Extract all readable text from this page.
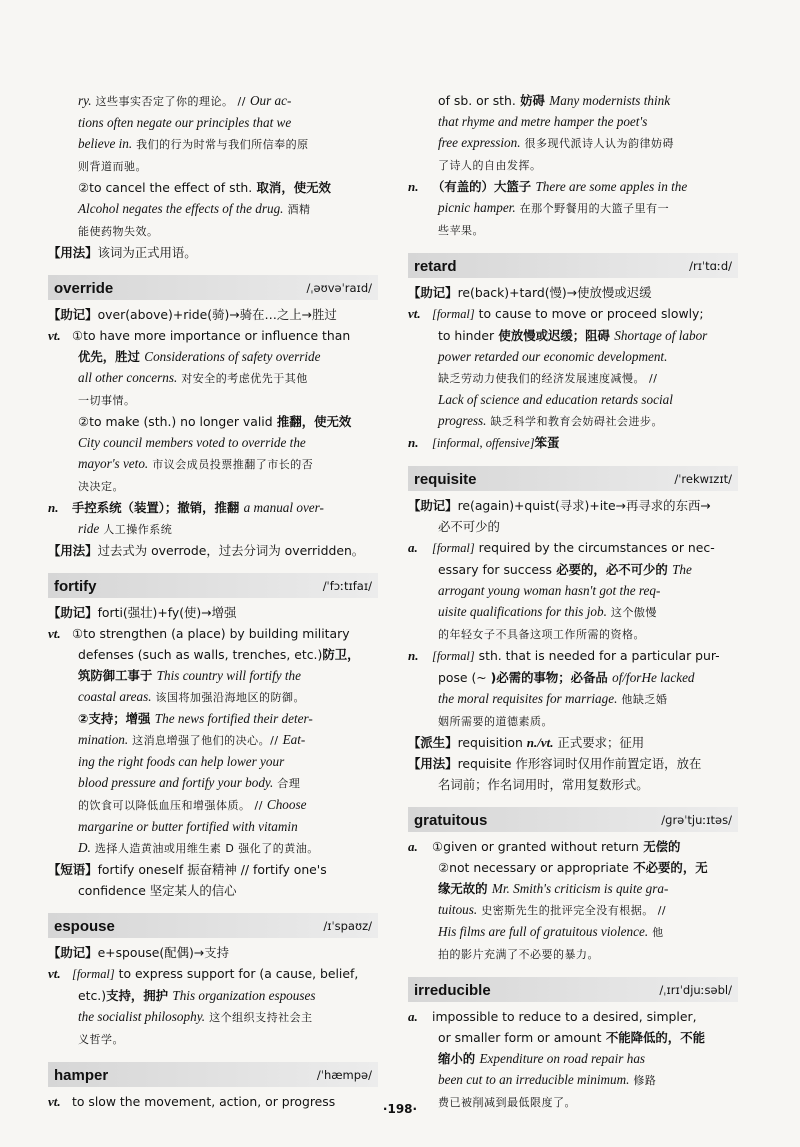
ry. 这些事实否定了你的理论。 // Our ac-
tions often negate our principles that we
believe in. 我们的行为时常与我们所信奉的原
则背道而驰。
②to cancel the effect of sth. 取消，使无效
Alcohol negates the effects of the drug. 酒精
能使药物失效。
【用法】该词为正式用语。
override	/ˌəʊvəˈraɪd/
【助记】over(above)+ride(骑)→骑在…之上→胜过
vt. ①to have more importance or influence than
优先，胜过 Considerations of safety override
all other concerns. 对安全的考虑优先于其他
一切事情。
②to make (sth.) no longer valid 推翻，使无效
City council members voted to override the
mayor's veto. 市议会成员投票推翻了市长的否
决决定。
n. 手控系统（装置）；撤销，推翻 a manual over-
ride 人工操作系统
【用法】过去式为 overrode，过去分词为 overridden。
fortify	/ˈfɔːtɪfaɪ/
【助记】forti(强壮)+fy(使)→增强
vt. ①to strengthen (a place) by building military
defenses (such as walls, trenches, etc.)防卫，
筑防御工事于 This country will fortify the
coastal areas. 该国将加强沿海地区的防御。
②支持；增强 The news fortified their deter-
mination. 这消息增强了他们的决心。// Eat-
ing the right foods can help lower your
blood pressure and fortify your body. 合理
的饮食可以降低血压和增强体质。 // Choose
margarine or butter fortified with vitamin
D. 选择人造黄油或用维生素 D 强化了的黄油。
【短语】fortify oneself 振奋精神 // fortify one's
confidence 坚定某人的信心
espouse	/ɪˈspaʊz/
【助记】e+spouse(配偶)→支持
vt. [formal] to express support for (a cause, belief,
etc.)支持，拥护 This organization espouses
the socialist philosophy. 这个组织支持社会主
义哲学。
hamper	/ˈhæmpə/
vt. to slow the movement, action, or progress
of sb. or sth. 妨碍 Many modernists think
that rhyme and metre hamper the poet's
free expression. 很多现代派诗人认为韵律妨碍
了诗人的自由发挥。
n. （有盖的）大篮子 There are some apples in the
picnic hamper. 在那个野餐用的大篮子里有一
些苹果。
retard	/rɪˈtɑːd/
【助记】re(back)+tard(慢)→使放慢或迟缓
vt. [formal] to cause to move or proceed slowly;
to hinder 使放慢或迟缓；阻碍 Shortage of labor
power retarded our economic development.
缺乏劳动力使我们的经济发展速度减慢。 //
Lack of science and education retards social
progress. 缺乏科学和教育会妨碍社会进步。
n. [informal, offensive]笨蛋
requisite	/ˈrekwɪzɪt/
【助记】re(again)+quist(寻求)+ite→再寻求的东西→
必不可少的
a. [formal] required by the circumstances or nec-
essary for success 必要的，必不可少的 The
arrogant young woman hasn't got the req-
uisite qualifications for this job. 这个傲慢
的年轻女子不具备这项工作所需的资格。
n. [formal] sth. that is needed for a particular pur-
pose (~ )必需的事物；必备品 of/forHe lacked
the moral requisites for marriage. 他缺乏婚
姻所需要的道德素质。
【派生】requisition n./vt. 正式要求；征用
【用法】requisite 作形容词时仅用作前置定语，放在
名词前；作名词用时，常用复数形式。
gratuitous	/ɡrəˈtjuːɪtəs/
a. ①given or granted without return 无偿的
②not necessary or appropriate 不必要的，无
缘无故的 Mr. Smith's criticism is quite gra-
tuitous. 史密斯先生的批评完全没有根据。 //
His films are full of gratuitous violence. 他
拍的影片充满了不必要的暴力。
irreducible	/ˌɪrɪˈdjuːsəbl/
a. impossible to reduce to a desired, simpler,
or smaller form or amount 不能降低的，不能
缩小的 Expenditure on road repair has
been cut to an irreducible minimum. 修路
费已被削减到最低限度了。
·198·
